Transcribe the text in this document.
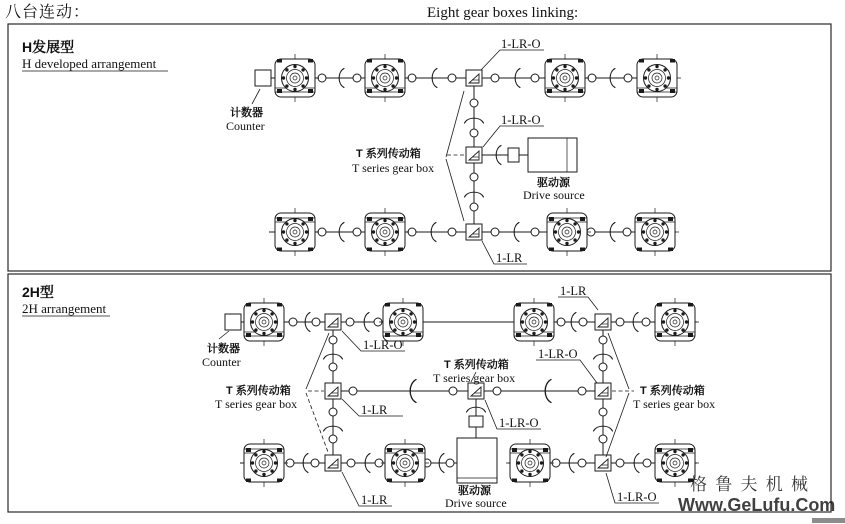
八台连动：	Eight gear boxes linking:
H发展型
H developed arrangement
计数器
Counter
1-LR-O
1-LR-O
1-LR
T 系列传动箱
T series gear box
驱动源
Drive source
2H型
2H arrangement
计数器
Counter
1-LR-O
1-LR
1-LR
1-LR-O
1-LR-O
1-LR	1-LR-O
T 系列传动箱
T series gear box
T 系列传动箱
T series gear box
T 系列传动箱
T series gear box
驱动源
Drive source
格 鲁 夫 机 械
Www.GeLufu.Com
